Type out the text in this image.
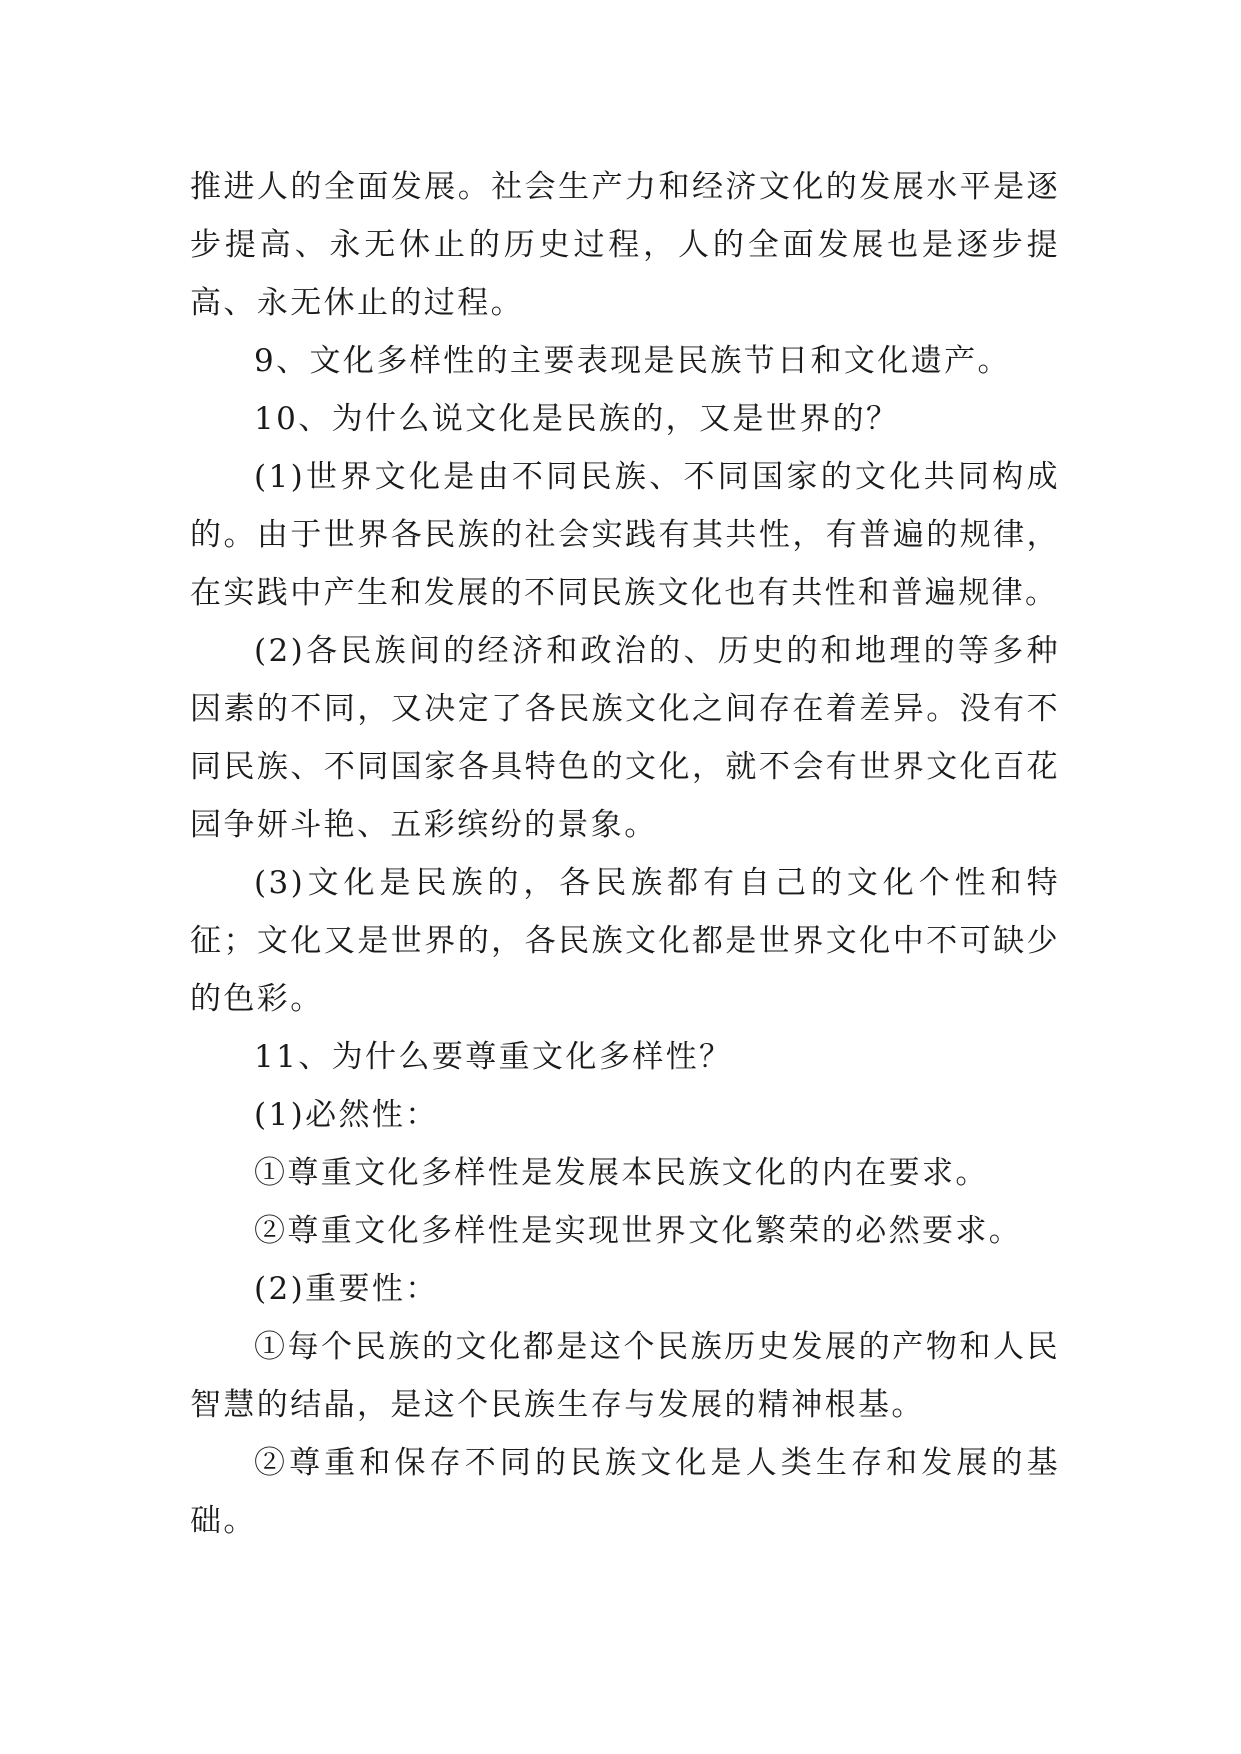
推进人的全面发展。社会生产力和经济文化的发展水平是逐步提高、永无休止的历史过程，人的全面发展也是逐步提高、永无休止的过程。

9、文化多样性的主要表现是民族节日和文化遗产。

10、为什么说文化是民族的，又是世界的？

(1)世界文化是由不同民族、不同国家的文化共同构成的。由于世界各民族的社会实践有其共性，有普遍的规律，在实践中产生和发展的不同民族文化也有共性和普遍规律。

(2)各民族间的经济和政治的、历史的和地理的等多种因素的不同，又决定了各民族文化之间存在着差异。没有不同民族、不同国家各具特色的文化，就不会有世界文化百花园争妍斗艳、五彩缤纷的景象。

(3)文化是民族的，各民族都有自己的文化个性和特征；文化又是世界的，各民族文化都是世界文化中不可缺少的色彩。

11、为什么要尊重文化多样性？

(1)必然性：

①尊重文化多样性是发展本民族文化的内在要求。

②尊重文化多样性是实现世界文化繁荣的必然要求。

(2)重要性：

①每个民族的文化都是这个民族历史发展的产物和人民智慧的结晶，是这个民族生存与发展的精神根基。

②尊重和保存不同的民族文化是人类生存和发展的基础。
